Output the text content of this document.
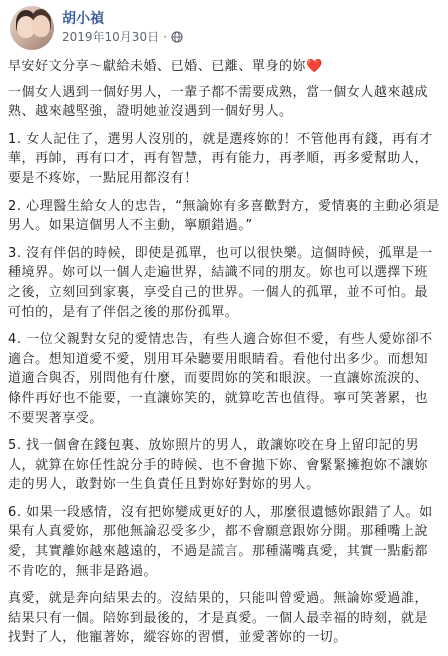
胡小禎
2019年10月30日 ·

早安好文分享～獻給未婚、已婚、已離、單身的妳❤️

一個女人遇到一個好男人，一輩子都不需要成熟，當一個女人越來越成熟、越來越堅強，證明她並沒遇到一個好男人。

1. 女人記住了，選男人沒別的，就是選疼妳的！不管他再有錢，再有才華，再帥，再有口才，再有智慧，再有能力，再孝順，再多愛幫助人，要是不疼妳，一點屁用都沒有！

2. 心理醫生給女人的忠告，“無論妳有多喜歡對方，愛情裏的主動必須是男人。如果這個男人不主動，寧願錯過。”

3. 沒有伴侶的時候，即使是孤單，也可以很快樂。這個時候，孤單是一種境界。妳可以一個人走遍世界，結識不同的朋友。妳也可以選擇下班之後，立刻回到家裏，享受自己的世界。一個人的孤單，並不可怕。最可怕的，是有了伴侶之後的那份孤單。

4. 一位父親對女兒的愛情忠告，有些人適合妳但不愛，有些人愛妳卻不適合。想知道愛不愛，別用耳朵聽要用眼睛看。看他付出多少。而想知道適合與否，別問他有什麼，而要問妳的笑和眼淚。一直讓妳流淚的、條件再好也不能要，一直讓妳笑的，就算吃苦也值得。寧可笑著累，也不要哭著享受。

5. 找一個會在錢包裏、放妳照片的男人，敢讓妳咬在身上留印記的男人，就算在妳任性說分手的時候、也不會拋下妳、會緊緊擁抱妳不讓妳走的男人，敢對妳一生負責任且對妳好對妳的男人。

6. 如果一段感情，沒有把妳變成更好的人，那麼很遺憾妳跟錯了人。如果有人真愛妳，那他無論忍受多少，都不會願意跟妳分開。那種嘴上說愛，其實離妳越來越遠的，不過是謊言。那種滿嘴真愛，其實一點虧都不肯吃的，無非是路過。

真愛，就是奔向結果去的。沒結果的，只能叫曾愛過。無論妳愛過誰，結果只有一個。陪妳到最後的，才是真愛。一個人最幸福的時刻，就是找對了人，他寵著妳，縱容妳的習慣，並愛著妳的一切。
